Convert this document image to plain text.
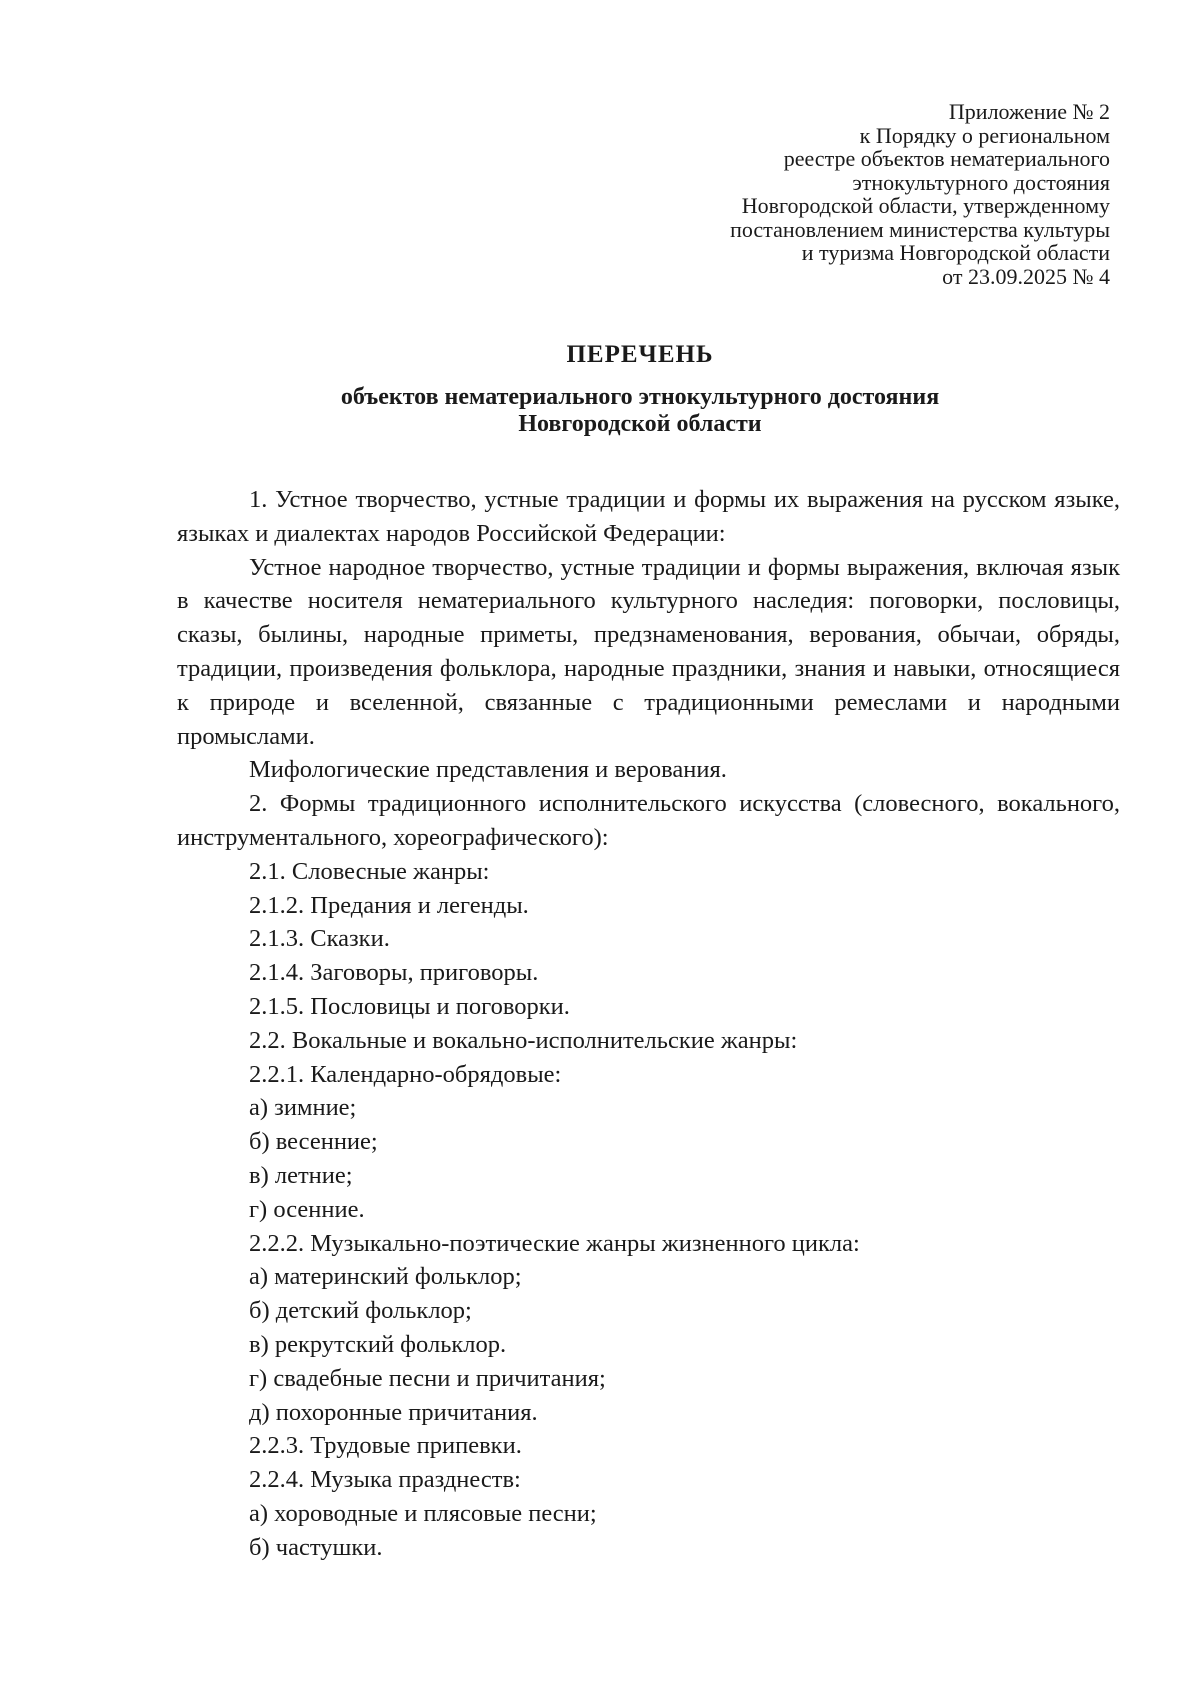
Приложение № 2
к Порядку о региональном
реестре объектов нематериального
этнокультурного достояния
Новгородской области, утвержденному
постановлением министерства культуры
и туризма Новгородской области
от 23.09.2025 № 4
ПЕРЕЧЕНЬ
объектов нематериального этнокультурного достояния
Новгородской области

1. Устное творчество, устные традиции и формы их выражения на русском языке, языках и диалектах народов Российской Федерации:

Устное народное творчество, устные традиции и формы выражения, включая язык в качестве носителя нематериального культурного наследия: поговорки, пословицы, сказы, былины, народные приметы, предзнаменования, верования, обычаи, обряды, традиции, произведения фольклора, народные праздники, знания и навыки, относящиеся к природе и вселенной, связанные с традиционными ремеслами и народными промыслами.

Мифологические представления и верования.

2. Формы традиционного исполнительского искусства (словесного, вокального, инструментального, хореографического):

2.1. Словесные жанры:
2.1.2. Предания и легенды.
2.1.3. Сказки.
2.1.4. Заговоры, приговоры.
2.1.5. Пословицы и поговорки.
2.2. Вокальные и вокально-исполнительские жанры:
2.2.1. Календарно-обрядовые:
а) зимние;
б) весенние;
в) летние;
г) осенние.
2.2.2. Музыкально-поэтические жанры жизненного цикла:
а) материнский фольклор;
б) детский фольклор;
в) рекрутский фольклор.
г) свадебные песни и причитания;
д) похоронные причитания.
2.2.3. Трудовые припевки.
2.2.4. Музыка празднеств:
а) хороводные и плясовые песни;
б) частушки.
